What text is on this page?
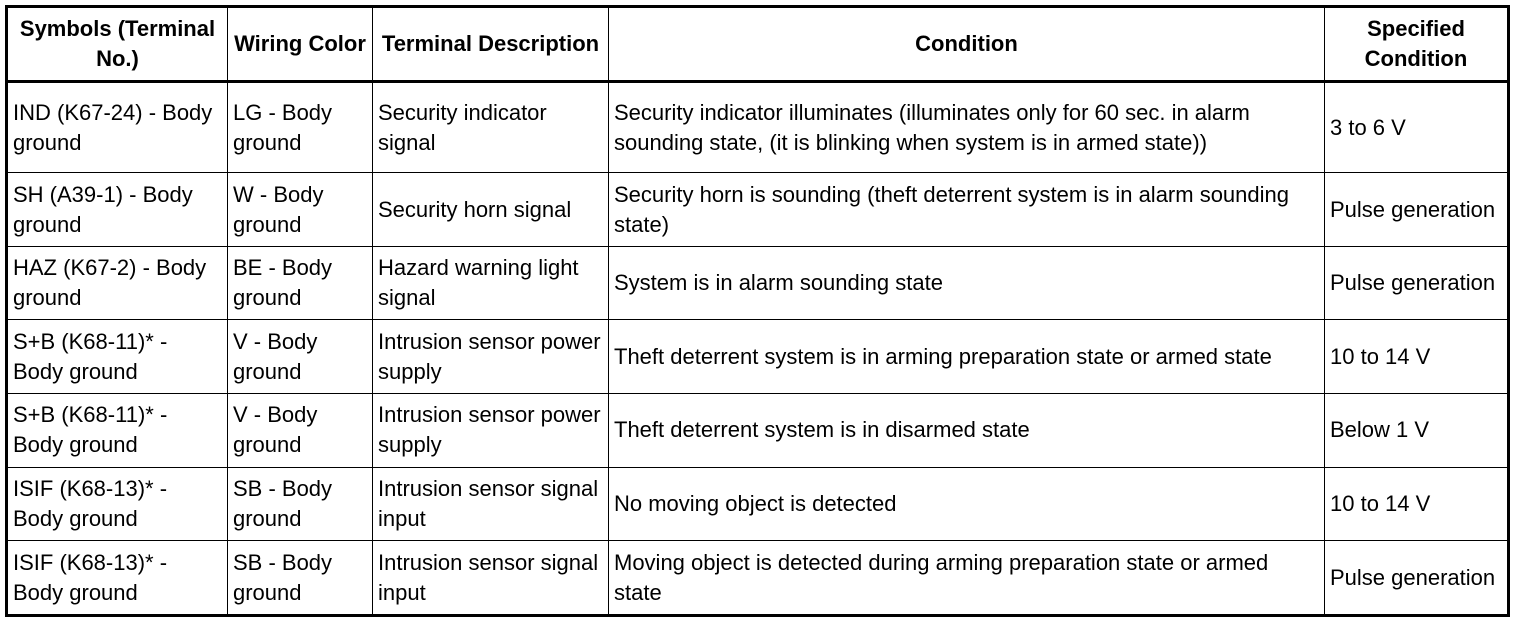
Symbols (Terminal No.)	Wiring Color	Terminal Description	Condition	Specified Condition
IND (K67-24) - Body ground	LG - Body ground	Security indicator signal	Security indicator illuminates (illuminates only for 60 sec. in alarm sounding state, (it is blinking when system is in armed state))	3 to 6 V
SH (A39-1) - Body ground	W - Body ground	Security horn signal	Security horn is sounding (theft deterrent system is in alarm sounding state)	Pulse generation
HAZ (K67-2) - Body ground	BE - Body ground	Hazard warning light signal	System is in alarm sounding state	Pulse generation
S+B (K68-11)* - Body ground	V - Body ground	Intrusion sensor power supply	Theft deterrent system is in arming preparation state or armed state	10 to 14 V
S+B (K68-11)* - Body ground	V - Body ground	Intrusion sensor power supply	Theft deterrent system is in disarmed state	Below 1 V
ISIF (K68-13)* - Body ground	SB - Body ground	Intrusion sensor signal input	No moving object is detected	10 to 14 V
ISIF (K68-13)* - Body ground	SB - Body ground	Intrusion sensor signal input	Moving object is detected during arming preparation state or armed state	Pulse generation
